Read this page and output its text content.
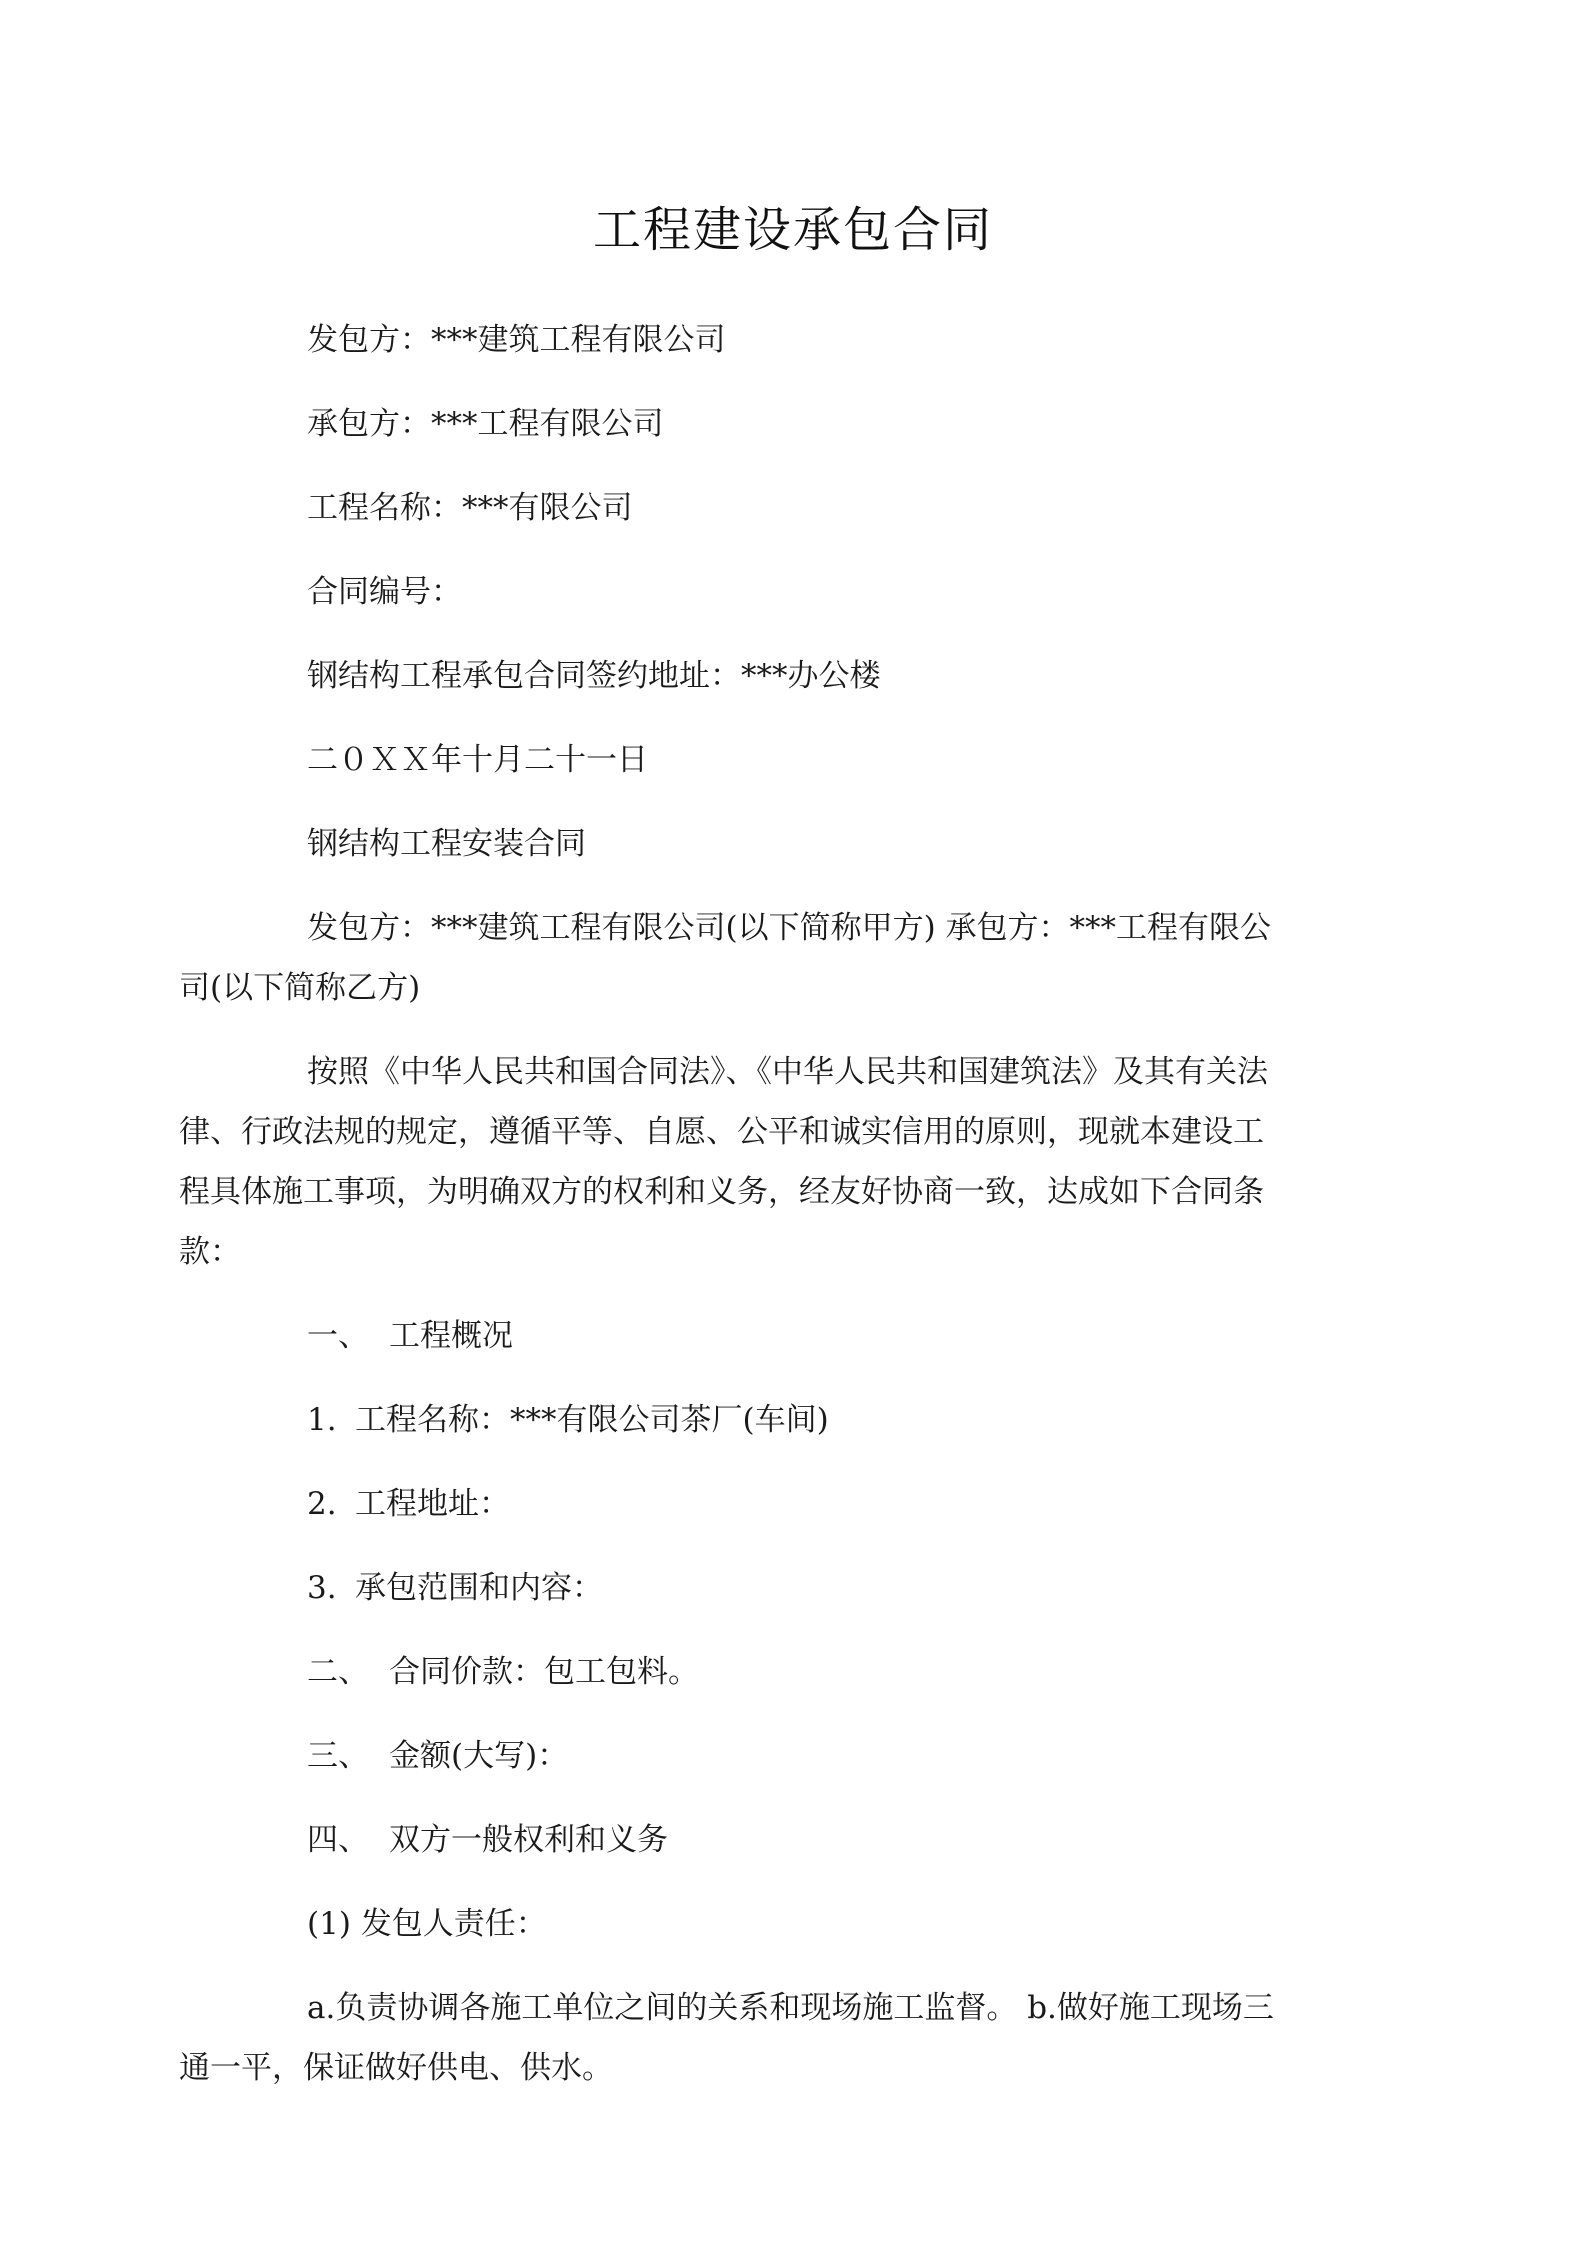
工程建设承包合同

发包方：***建筑工程有限公司

承包方：***工程有限公司

工程名称：***有限公司

合同编号：

钢结构工程承包合同签约地址：***办公楼

二０ＸＸ年十月二十一日

钢结构工程安装合同

发包方：***建筑工程有限公司(以下简称甲方) 承包方：***工程有限公司(以下简称乙方)

按照《中华人民共和国合同法》、《中华人民共和国建筑法》及其有关法律、行政法规的规定，遵循平等、自愿、公平和诚实信用的原则，现就本建设工程具体施工事项，为明确双方的权利和义务，经友好协商一致，达成如下合同条款：

一、 工程概况

1. 工程名称：***有限公司茶厂(车间)

2. 工程地址：

3. 承包范围和内容：

二、 合同价款：包工包料。

三、 金额(大写)：

四、 双方一般权利和义务

(1) 发包人责任：

a.负责协调各施工单位之间的关系和现场施工监督。 b.做好施工现场三通一平，保证做好供电、供水。
